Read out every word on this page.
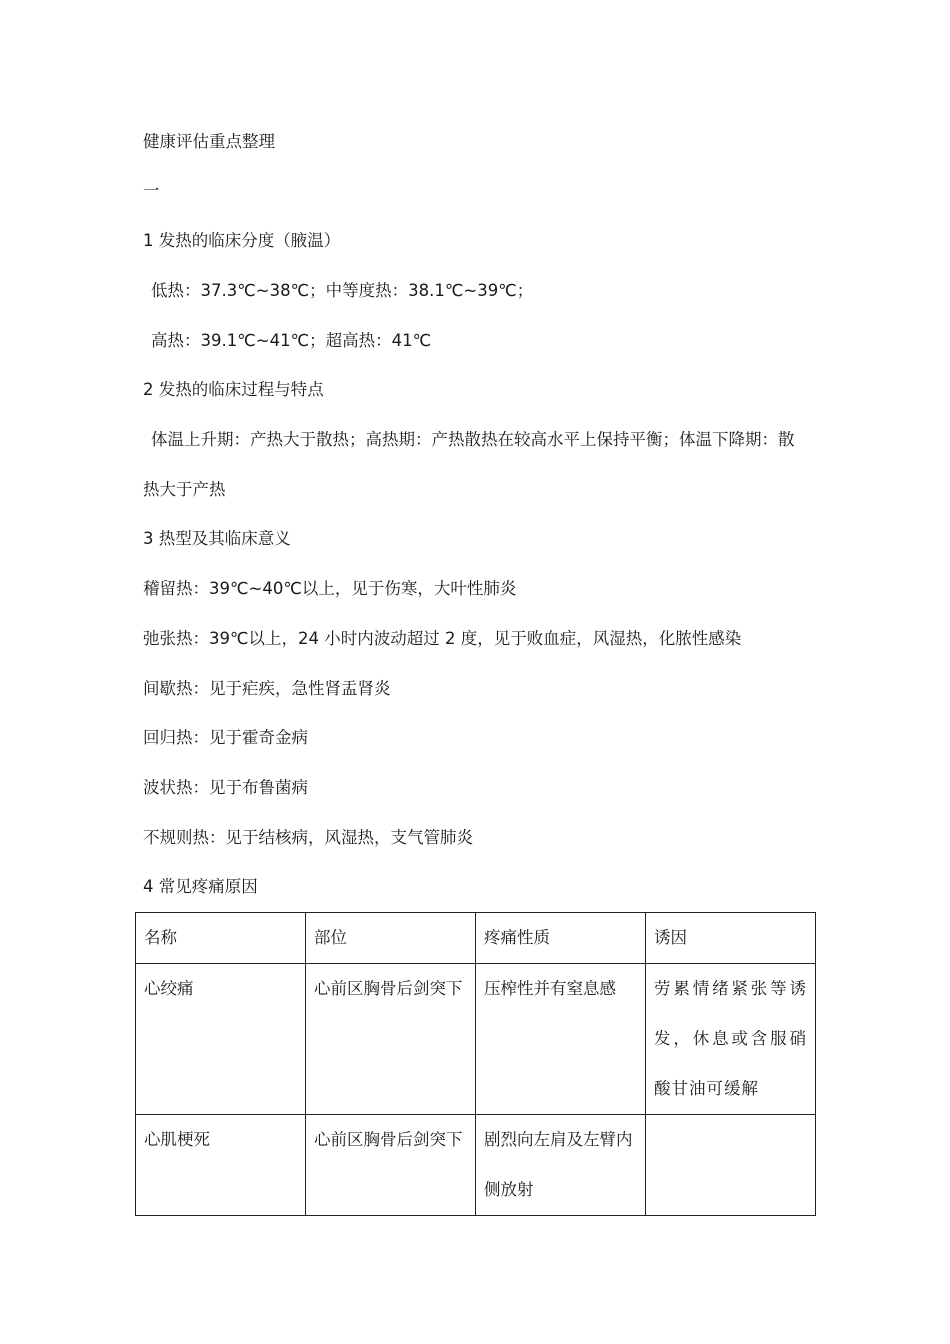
健康评估重点整理

一

1 发热的临床分度（腋温）

低热：37.3℃~38℃；中等度热：38.1℃~39℃；

高热：39.1℃~41℃；超高热：41℃

2 发热的临床过程与特点

体温上升期：产热大于散热；高热期：产热散热在较高水平上保持平衡；体温下降期：散

热大于产热

3 热型及其临床意义

稽留热：39℃~40℃以上，见于伤寒，大叶性肺炎

弛张热：39℃以上，24 小时内波动超过 2 度，见于败血症，风湿热，化脓性感染

间歇热：见于疟疾，急性肾盂肾炎

回归热：见于霍奇金病

波状热：见于布鲁菌病

不规则热：见于结核病，风湿热，支气管肺炎

4 常见疼痛原因

名称	部位	疼痛性质	诱因

心绞痛	心前区胸骨后剑突下	压榨性并有窒息感	劳累情绪紧张等诱发，休息或含服硝酸甘油可缓解

心肌梗死	心前区胸骨后剑突下	剧烈向左肩及左臂内侧放射	
